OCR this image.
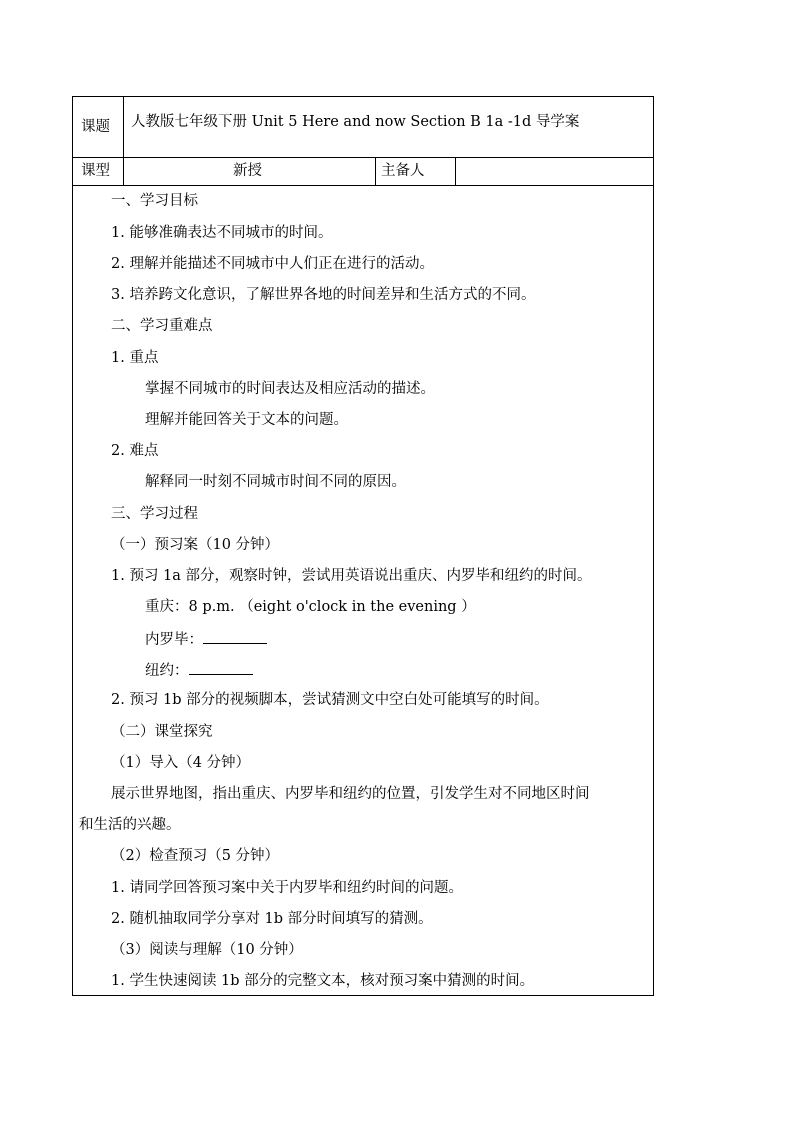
课题 人教版七年级下册 Unit 5 Here and now Section B 1a -1d 导学案
课型	新授	主备人
一、学习目标
1. 能够准确表达不同城市的时间。
2. 理解并能描述不同城市中人们正在进行的活动。
3. 培养跨文化意识，了解世界各地的时间差异和生活方式的不同。
二、学习重难点
1. 重点
掌握不同城市的时间表达及相应活动的描述。
理解并能回答关于文本的问题。
2. 难点
解释同一时刻不同城市时间不同的原因。
三、学习过程
（一）预习案（10 分钟）
1. 预习 1a 部分，观察时钟，尝试用英语说出重庆、内罗毕和纽约的时间。
重庆：8 p.m. （eight o'clock in the evening ）
内罗毕：
纽约：
2. 预习 1b 部分的视频脚本，尝试猜测文中空白处可能填写的时间。
（二）课堂探究
（1）导入（4 分钟）
展示世界地图，指出重庆、内罗毕和纽约的位置，引发学生对不同地区时间
和生活的兴趣。
（2）检查预习（5 分钟）
1. 请同学回答预习案中关于内罗毕和纽约时间的问题。
2. 随机抽取同学分享对 1b 部分时间填写的猜测。
（3）阅读与理解（10 分钟）
1. 学生快速阅读 1b 部分的完整文本，核对预习案中猜测的时间。
